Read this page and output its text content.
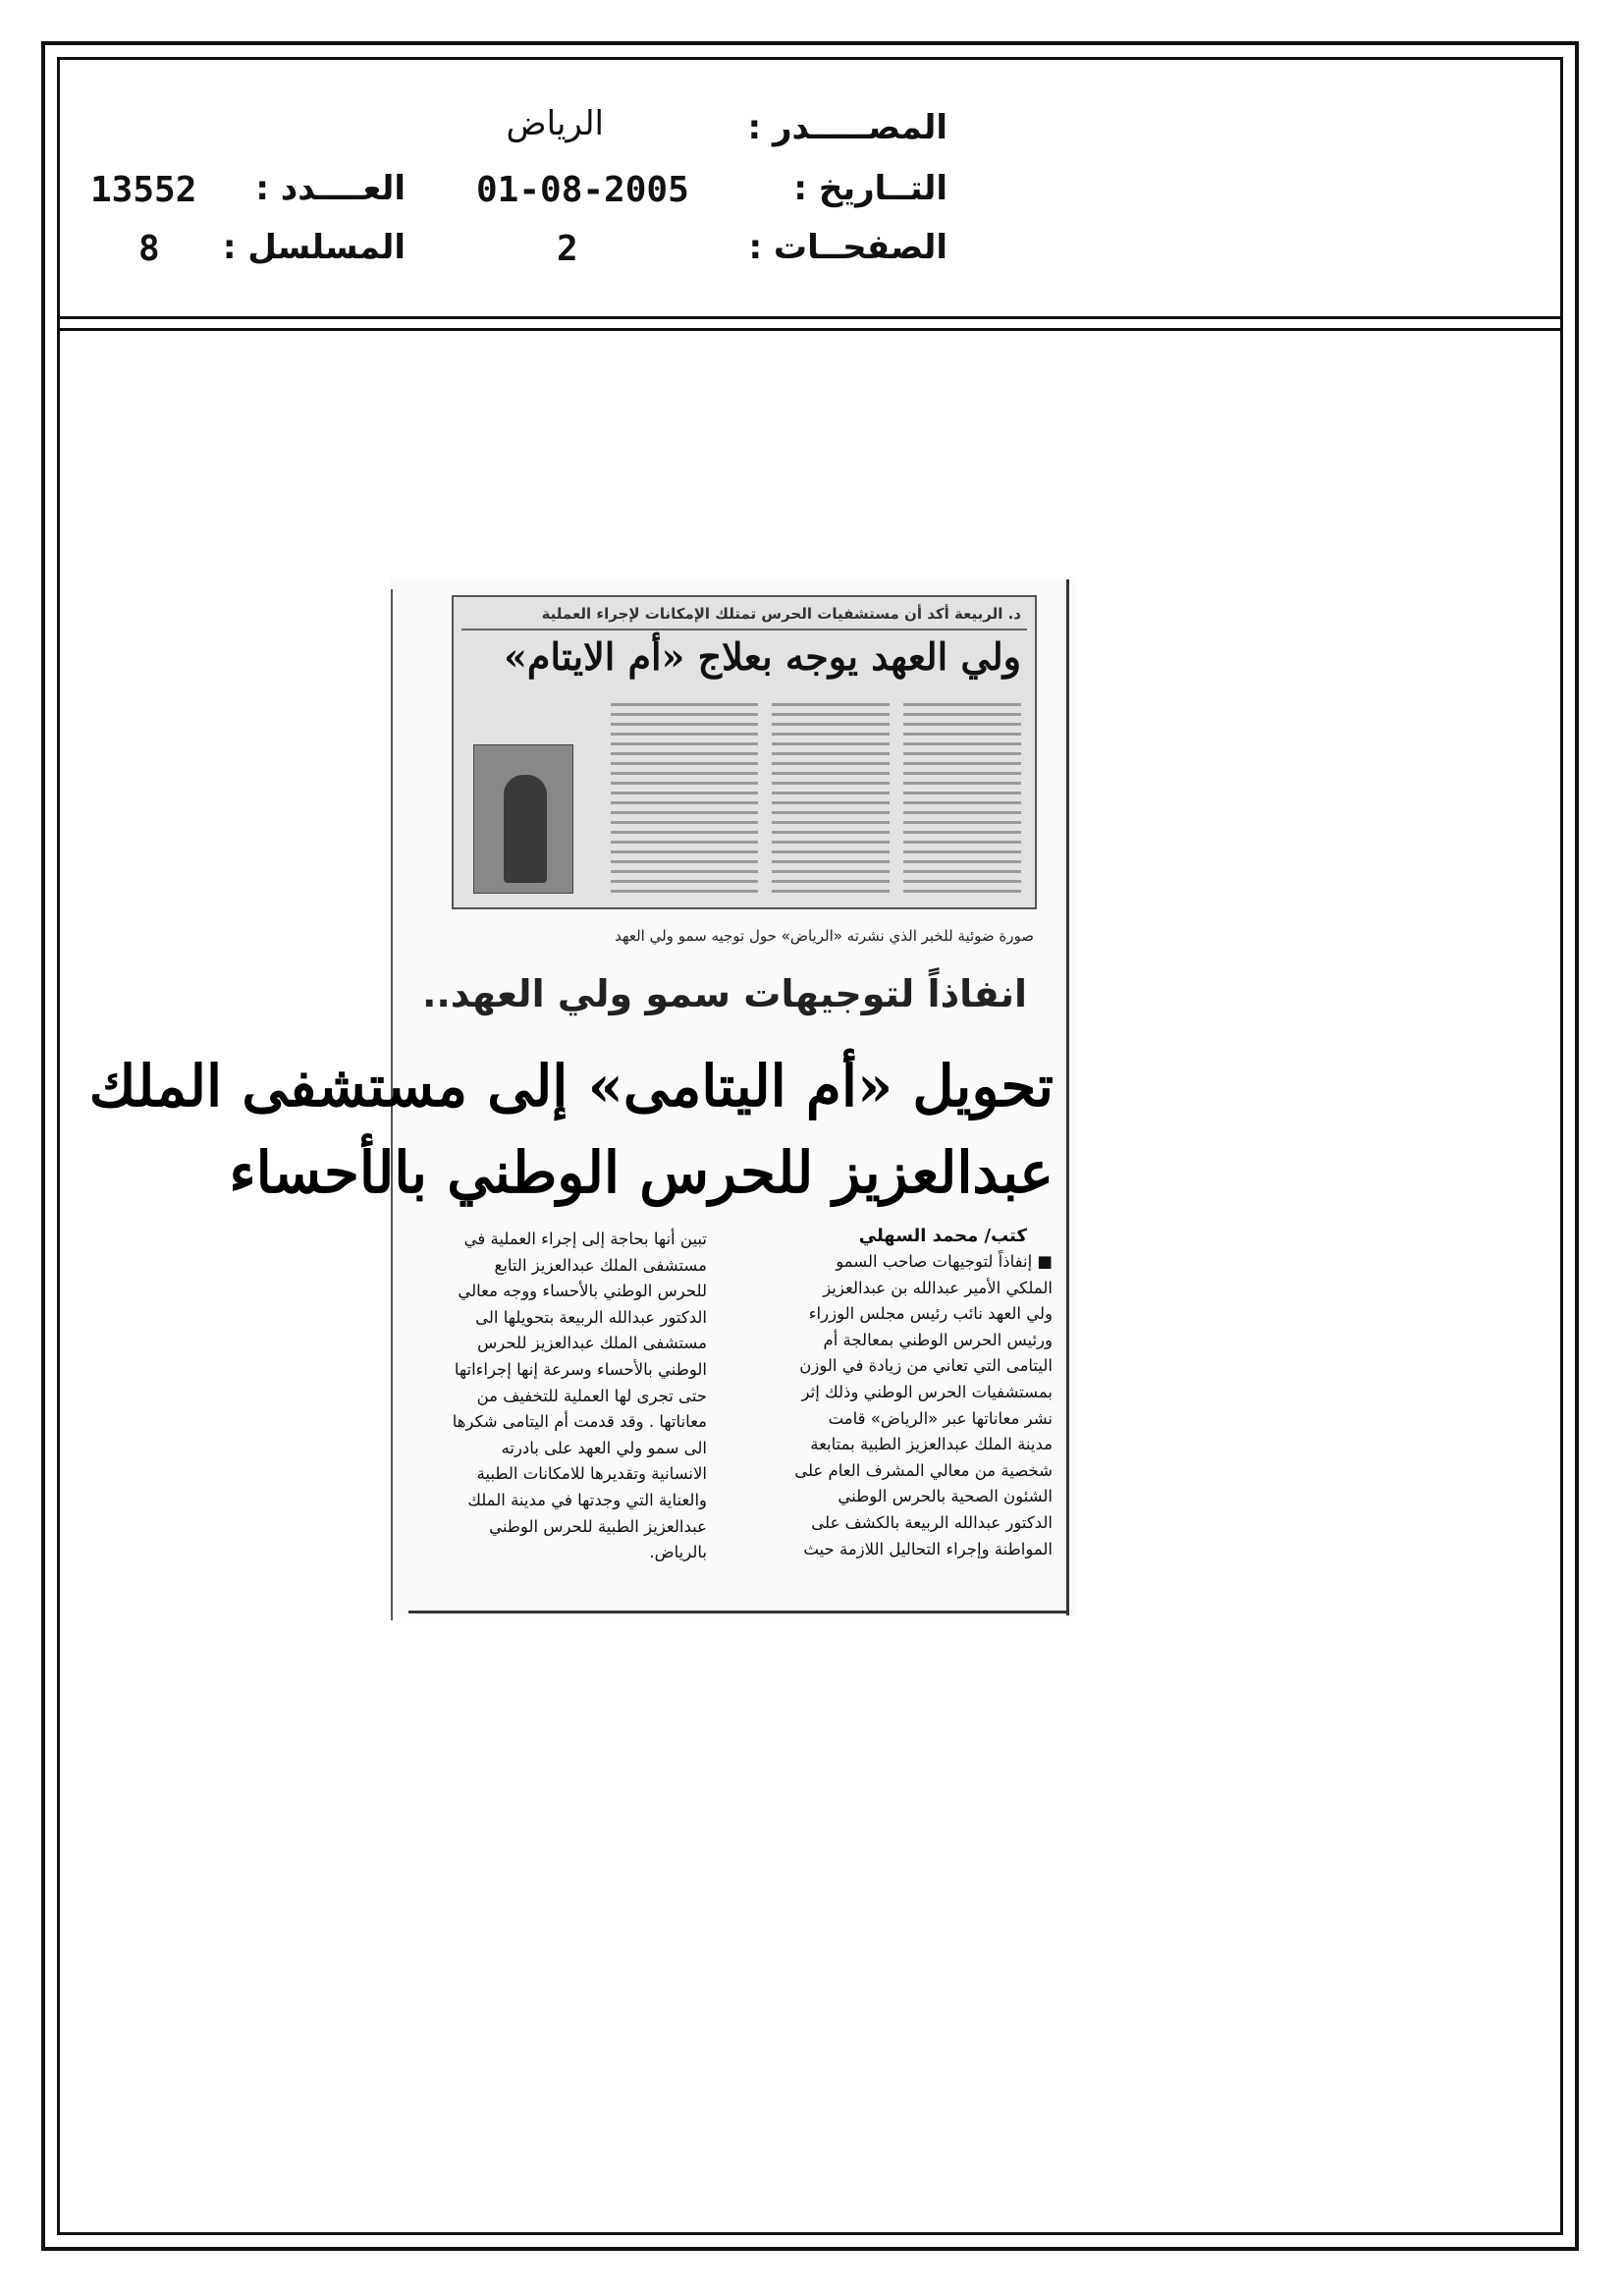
المصـــــدر :
الرياض
التــاريخ :
01-08-2005
العــــدد :
13552
الصفحــات :
2
المسلسل :
8
د. الربيعة أكد أن مستشفيات الحرس تمتلك الإمكانات لإجراء العملية
ولي العهد يوجه بعلاج «أم الايتام»
صورة ضوئية للخبر الذي نشرته «الرياض» حول توجيه سمو ولي العهد
انفاذاً لتوجيهات سمو ولي العهد..
تحويل «أم اليتامى» إلى مستشفى الملك
عبدالعزيز للحرس الوطني بالأحساء
كتب/ محمد السهلي
■ إنفاذاً لتوجيهات صاحب السمو
الملكي الأمير عبدالله بن عبدالعزيز
ولي العهد نائب رئيس مجلس الوزراء
ورئيس الحرس الوطني بمعالجة أم
اليتامى التي تعاني من زيادة في الوزن
بمستشفيات الحرس الوطني وذلك إثر
نشر معاناتها عبر «الرياض» قامت
مدينة الملك عبدالعزيز الطبية بمتابعة
شخصية من معالي المشرف العام على
الشئون الصحية بالحرس الوطني
الدكتور عبدالله الربيعة بالكشف على
المواطنة وإجراء التحاليل اللازمة حيث
تبين أنها بحاجة إلى إجراء العملية في
مستشفى الملك عبدالعزيز التابع
للحرس الوطني بالأحساء ووجه معالي
الدكتور عبدالله الربيعة بتحويلها الى
مستشفى الملك عبدالعزيز للحرس
الوطني بالأحساء وسرعة إنها إجراءاتها
حتى تجرى لها العملية للتخفيف من
معاناتها . وقد قدمت أم اليتامى شكرها
الى سمو ولي العهد على بادرته
الانسانية وتقديرها للامكانات الطبية
والعناية التي وجدتها في مدينة الملك
عبدالعزيز الطبية للحرس الوطني
بالرياض.
